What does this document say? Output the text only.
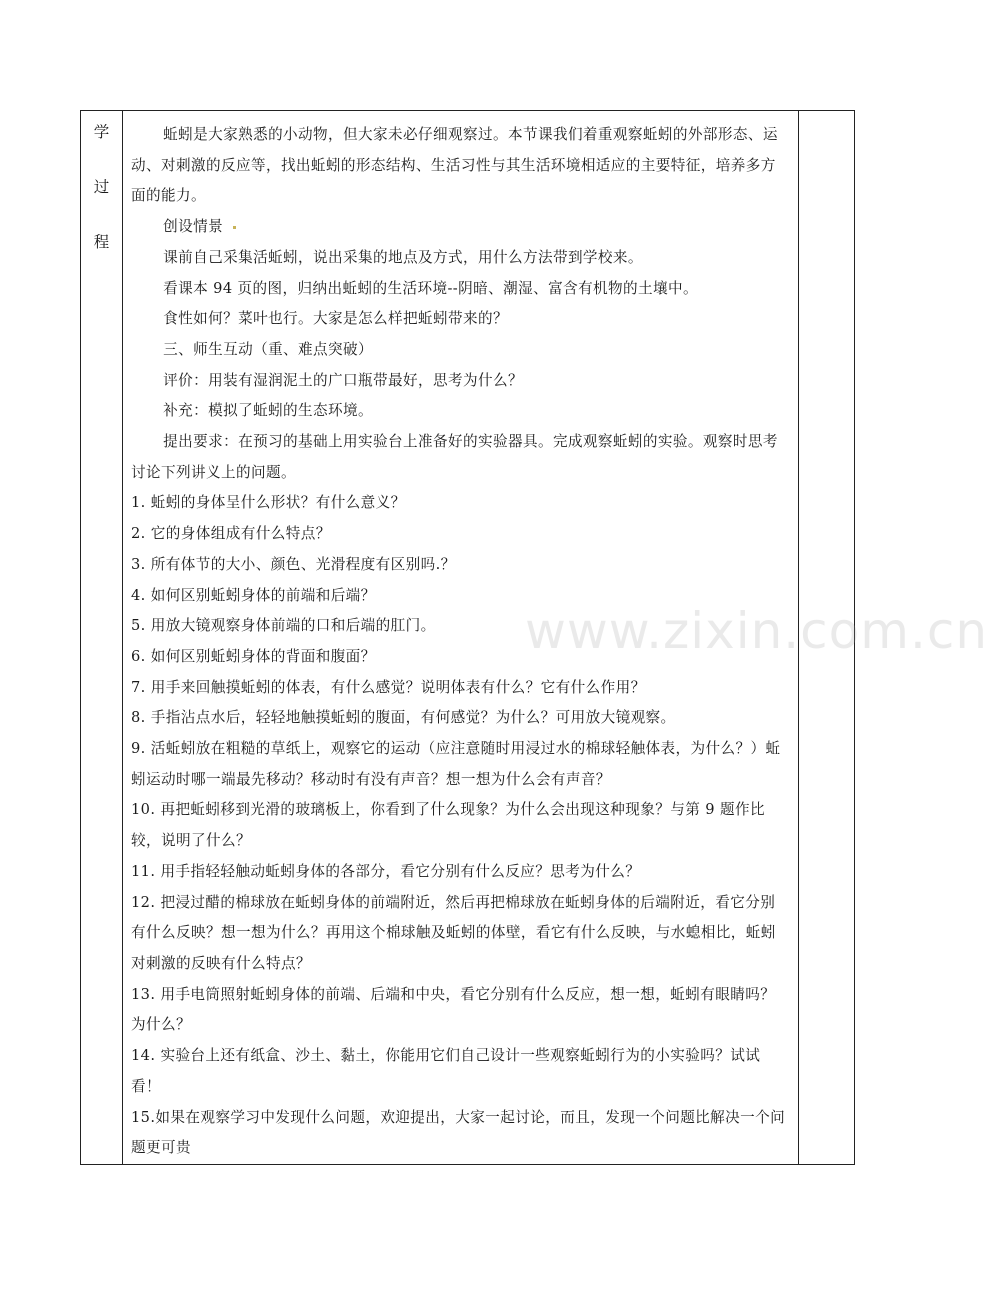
学
过
程

蚯蚓是大家熟悉的小动物，但大家未必仔细观察过。本节课我们着重观察蚯蚓的外部形态、运动、对刺激的反应等，找出蚯蚓的形态结构、生活习性与其生活环境相适应的主要特征，培养多方面的能力。

创设情景

课前自己采集活蚯蚓，说出采集的地点及方式，用什么方法带到学校来。

看课本 94 页的图，归纳出蚯蚓的生活环境--阴暗、潮湿、富含有机物的土壤中。

食性如何？菜叶也行。大家是怎么样把蚯蚓带来的？

三、师生互动（重、难点突破）

评价：用装有湿润泥土的广口瓶带最好，思考为什么？

补充：模拟了蚯蚓的生态环境。

提出要求：在预习的基础上用实验台上准备好的实验器具。完成观察蚯蚓的实验。观察时思考讨论下列讲义上的问题。

1. 蚯蚓的身体呈什么形状？有什么意义？

2. 它的身体组成有什么特点？

3. 所有体节的大小、颜色、光滑程度有区别吗.？

4. 如何区别蚯蚓身体的前端和后端？

5. 用放大镜观察身体前端的口和后端的肛门。

6. 如何区别蚯蚓身体的背面和腹面？

7. 用手来回触摸蚯蚓的体表，有什么感觉？说明体表有什么？它有什么作用？

8. 手指沾点水后，轻轻地触摸蚯蚓的腹面，有何感觉？为什么？可用放大镜观察。

9. 活蚯蚓放在粗糙的草纸上，观察它的运动（应注意随时用浸过水的棉球轻触体表，为什么？）蚯蚓运动时哪一端最先移动？移动时有没有声音？想一想为什么会有声音？

10. 再把蚯蚓移到光滑的玻璃板上，你看到了什么现象？为什么会出现这种现象？与第 9 题作比较，说明了什么？

11. 用手指轻轻触动蚯蚓身体的各部分，看它分别有什么反应？思考为什么？

12. 把浸过醋的棉球放在蚯蚓身体的前端附近，然后再把棉球放在蚯蚓身体的后端附近，看它分别有什么反映？想一想为什么？再用这个棉球触及蚯蚓的体壁，看它有什么反映，与水螅相比，蚯蚓对刺激的反映有什么特点？

13. 用手电筒照射蚯蚓身体的前端、后端和中央，看它分别有什么反应，想一想，蚯蚓有眼睛吗？为什么？

14. 实验台上还有纸盒、沙土、黏土，你能用它们自己设计一些观察蚯蚓行为的小实验吗？试试看！

15.如果在观察学习中发现什么问题，欢迎提出，大家一起讨论，而且，发现一个问题比解决一个问题更可贵

www.zixin.com.cn
